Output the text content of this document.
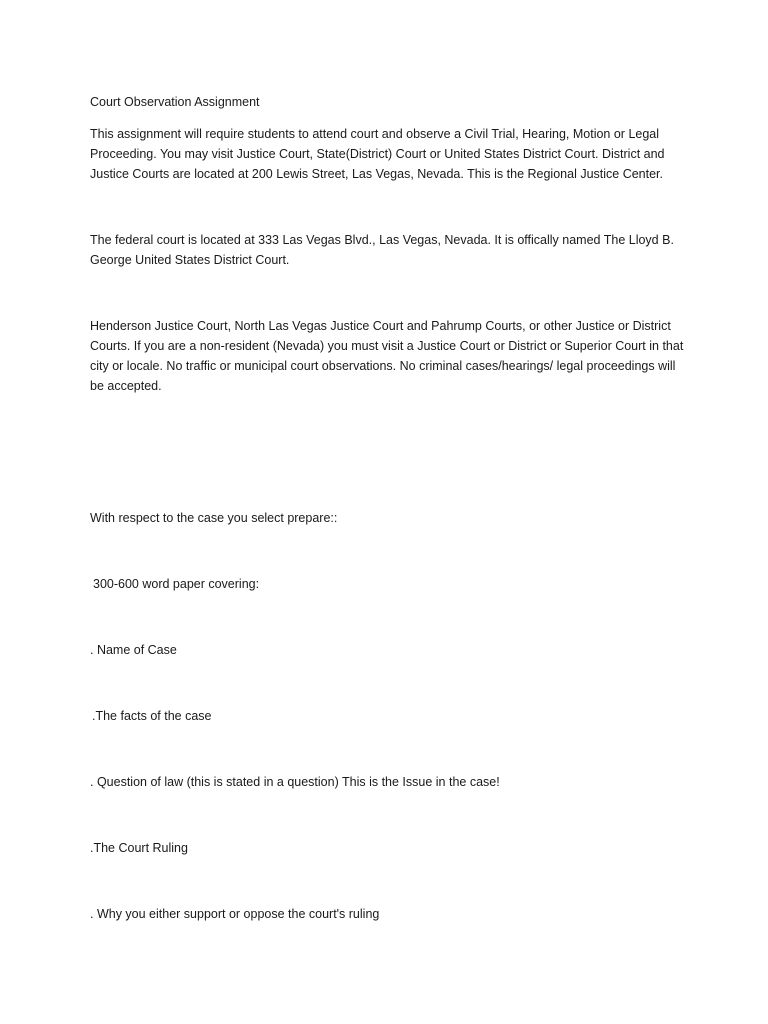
Court Observation Assignment

This assignment will require students to attend court and observe a Civil Trial, Hearing, Motion or Legal Proceeding. You may visit Justice Court, State(District) Court or United States District Court. District and Justice Courts are located at 200 Lewis Street, Las Vegas, Nevada. This is the Regional Justice Center.

The federal court is located at 333 Las Vegas Blvd., Las Vegas, Nevada. It is offically named The Lloyd B. George United States District Court.

Henderson Justice Court, North Las Vegas Justice Court and Pahrump Courts, or other Justice or District Courts. If you are a non-resident (Nevada) you must visit a Justice Court or District or Superior Court in that city or locale. No traffic or municipal court observations. No criminal cases/hearings/ legal proceedings will be accepted.

With respect to the case you select prepare::

300-600 word paper covering:

. Name of Case

.The facts of the case

. Question of law (this is stated in a question) This is the Issue in the case!

.The Court Ruling

. Why you either support or oppose the court's ruling
